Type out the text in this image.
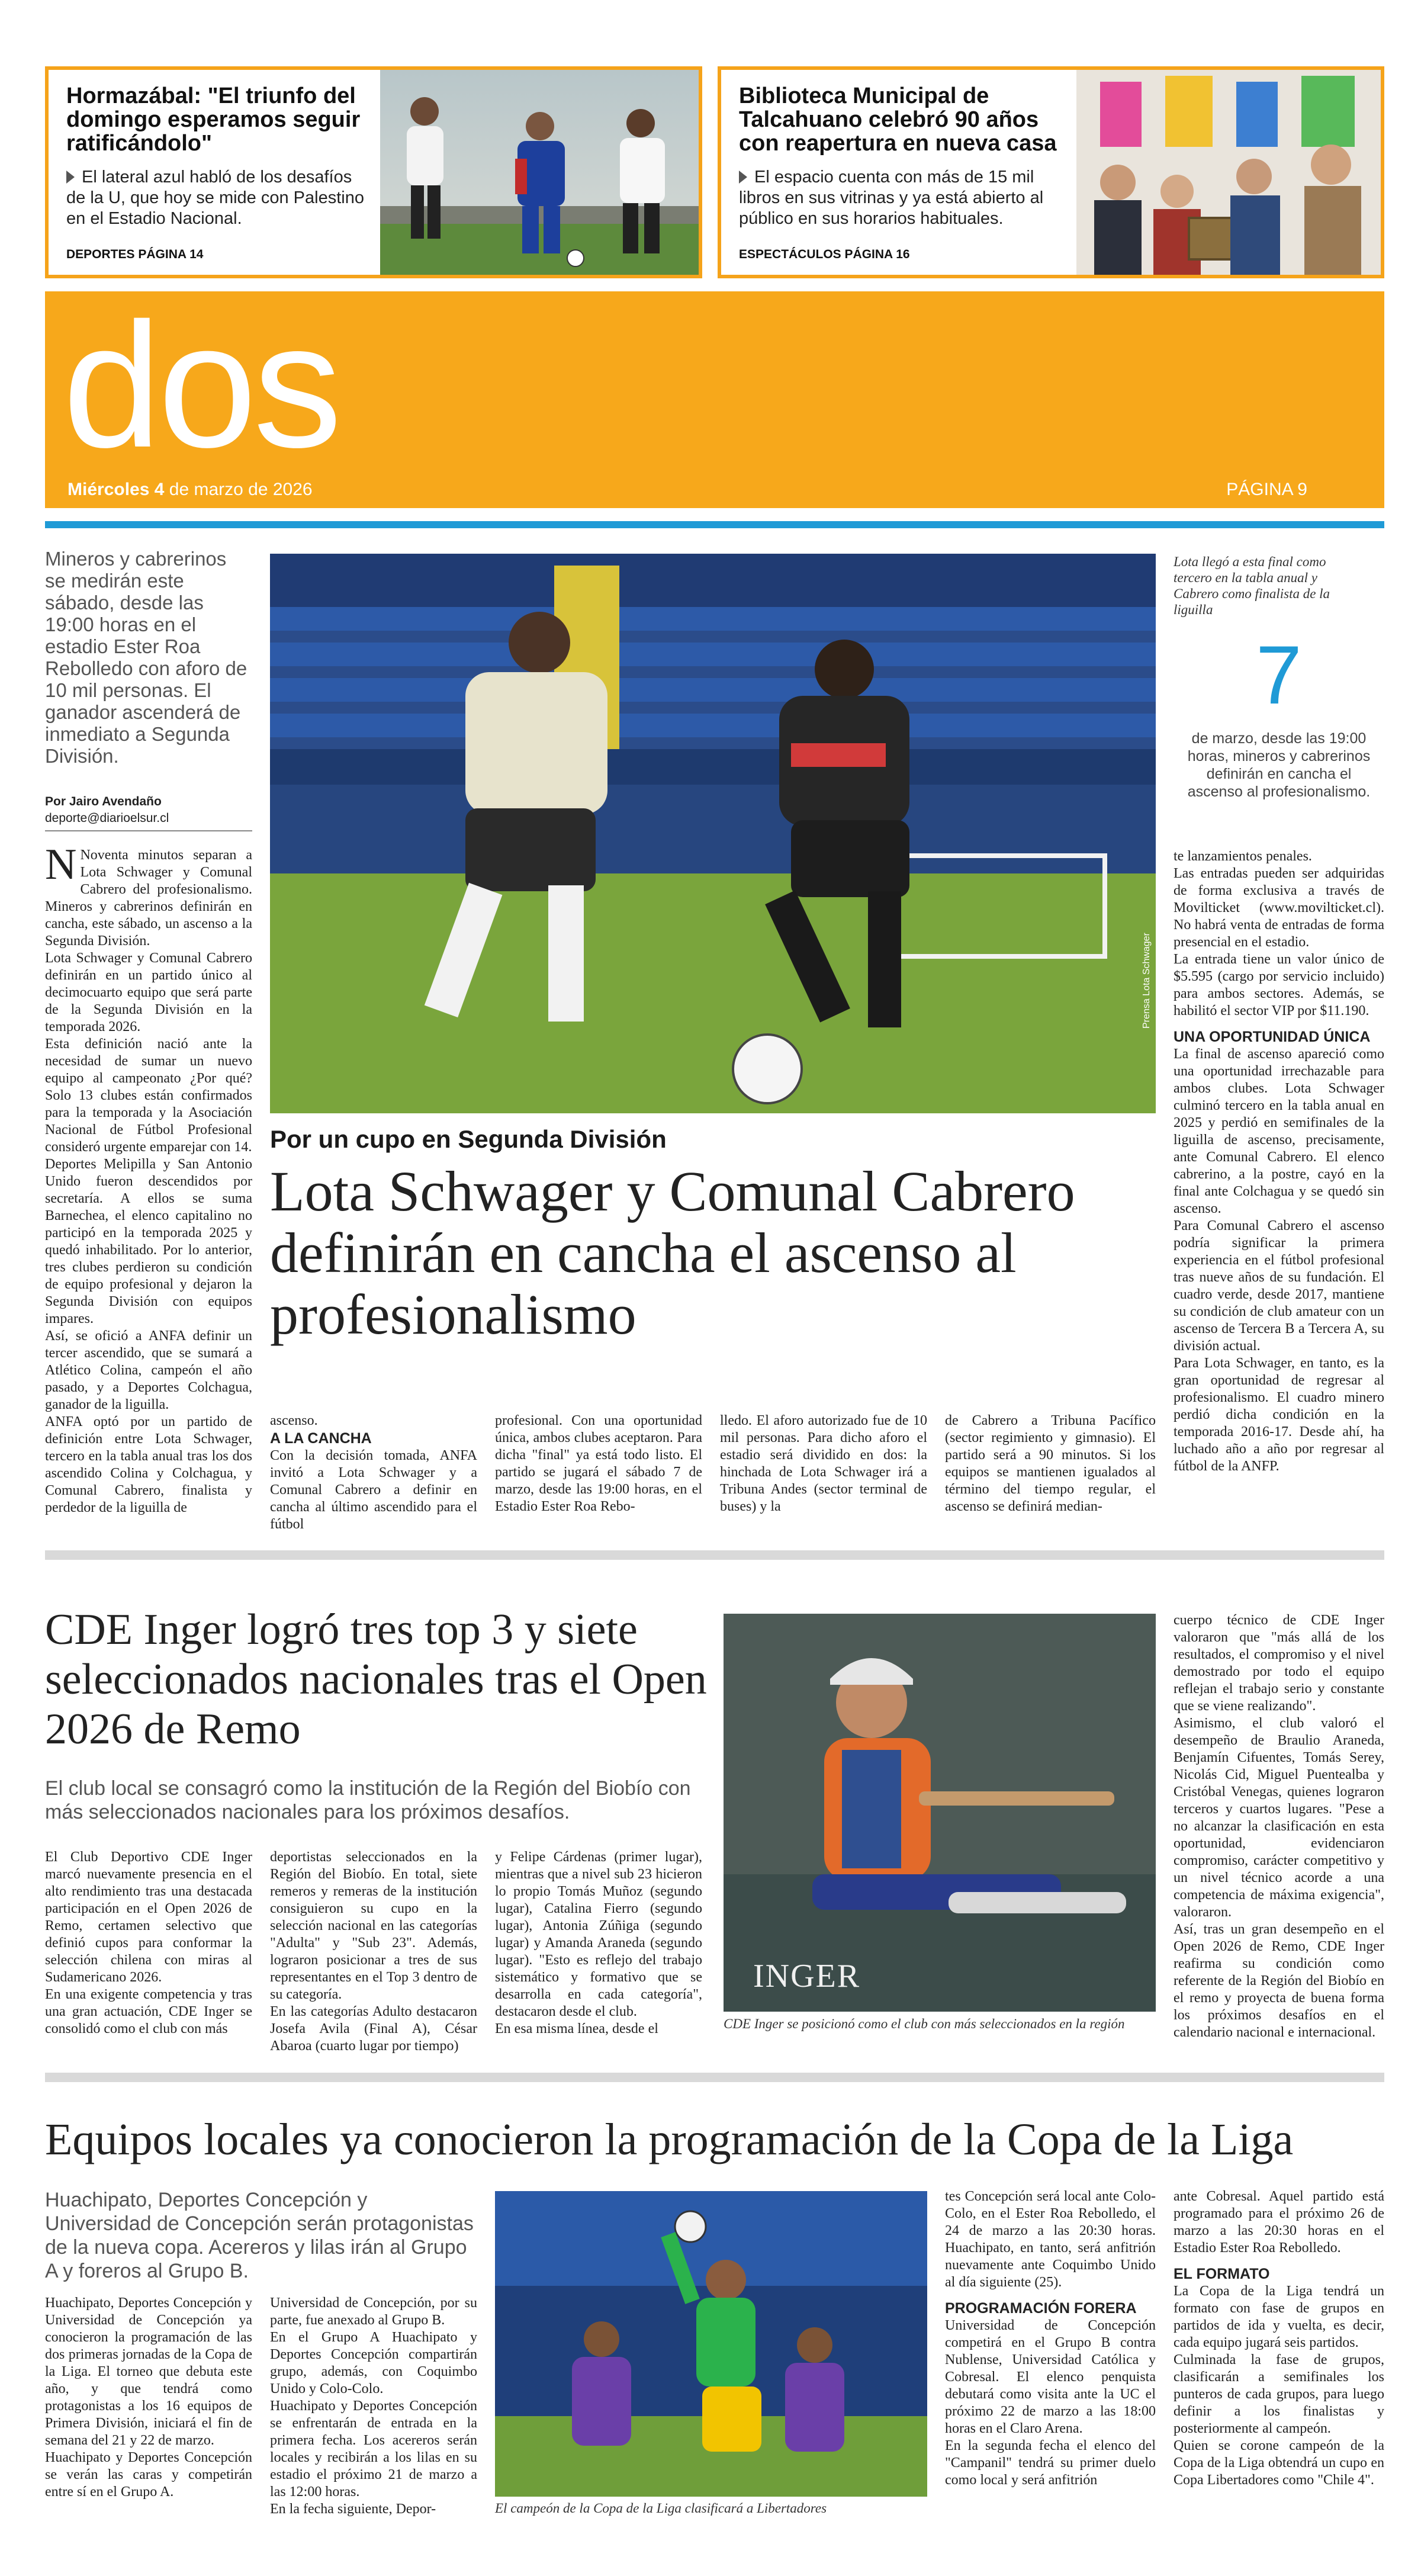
Hormazábal: "El triunfo del domingo esperamos seguir ratificándolo"

El lateral azul habló de los desafíos de la U, que hoy se mide con Palestino en el Estadio Nacional.

DEPORTES PÁGINA 14
Biblioteca Municipal de Talcahuano celebró 90 años con reapertura en nueva casa

El espacio cuenta con más de 15 mil libros en sus vitrinas y ya está abierto al público en sus horarios habituales.

ESPECTÁCULOS PÁGINA 16
dos
Miércoles 4 de marzo de 2026	PÁGINA 9
Mineros y cabrerinos se medirán este sábado, desde las 19:00 horas en el estadio Ester Roa Rebolledo con aforo de 10 mil personas. El ganador ascenderá de inmediato a Segunda División.
Por Jairo Avendaño
deporte@diarioelsur.cl

N Noventa minutos separan a Lota Schwager y Comunal Cabrero del profesionalismo. Mineros y cabrerinos definirán en cancha, este sábado, un ascenso a la Segunda División.

Lota Schwager y Comunal Cabrero definirán en un partido único al decimocuarto equipo que será parte de la Segunda División en la temporada 2026.

Esta definición nació ante la necesidad de sumar un nuevo equipo al campeonato ¿Por qué? Solo 13 clubes están confirmados para la temporada y la Asociación Nacional de Fútbol Profesional consideró urgente emparejar con 14.

Deportes Melipilla y San Antonio Unido fueron descendidos por secretaría. A ellos se suma Barnechea, el elenco capitalino no participó en la temporada 2025 y quedó inhabilitado. Por lo anterior, tres clubes perdieron su condición de equipo profesional y dejaron la Segunda División con equipos impares.

Así, se ofició a ANFA definir un tercer ascendido, que se sumará a Atlético Colina, campeón el año pasado, y a Deportes Colchagua, ganador de la liguilla.

ANFA optó por un partido de definición entre Lota Schwager, tercero en la tabla anual tras los dos ascendido Colina y Colchagua, y Comunal Cabrero, finalista y perdedor de la liguilla de

Prensa Lota Schwager
Lota llegó a esta final como tercero en la tabla anual y Cabrero como finalista de la liguilla
7
de marzo, desde las 19:00 horas, mineros y cabrerinos definirán en cancha el ascenso al profesionalismo.
Por un cupo en Segunda División
Lota Schwager y Comunal Cabrero definirán en cancha el ascenso al profesionalismo

ascenso.

A LA CANCHA

Con la decisión tomada, ANFA invitó a Lota Schwager y a Comunal Cabrero a definir en cancha al último ascendido para el fútbol

profesional. Con una oportunidad única, ambos clubes aceptaron. Para dicha "final" ya está todo listo. El partido se jugará el sábado 7 de marzo, desde las 19:00 horas, en el Estadio Ester Roa Rebo-
lledo. El aforo autorizado fue de 10 mil personas. Para dicho aforo el estadio será dividido en dos: la hinchada de Lota Schwager irá a Tribuna Andes (sector terminal de buses) y la
de Cabrero a Tribuna Pacífico (sector regimiento y gimnasio). El partido será a 90 minutos. Si los equipos se mantienen igualados al término del tiempo regular, el ascenso se definirá median-

te lanzamientos penales.

Las entradas pueden ser adquiridas de forma exclusiva a través de Movilticket (www.movilticket.cl). No habrá venta de entradas de forma presencial en el estadio.

La entrada tiene un valor único de $5.595 (cargo por servicio incluido) para ambos sectores. Además, se habilitó el sector VIP por $11.190.

UNA OPORTUNIDAD ÚNICA

La final de ascenso apareció como una oportunidad irrechazable para ambos clubes. Lota Schwager culminó tercero en la tabla anual en 2025 y perdió en semifinales de la liguilla de ascenso, precisamente, ante Comunal Cabrero. El elenco cabrerino, a la postre, cayó en la final ante Colchagua y se quedó sin ascenso.

Para Comunal Cabrero el ascenso podría significar la primera experiencia en el fútbol profesional tras nueve años de su fundación. El cuadro verde, desde 2017, mantiene su condición de club amateur con un ascenso de Tercera B a Tercera A, su división actual.

Para Lota Schwager, en tanto, es la gran oportunidad de regresar al profesionalismo. El cuadro minero perdió dicha condición en la temporada 2016-17. Desde ahí, ha luchado año a año por regresar al fútbol de la ANFP.

CDE Inger logró tres top 3 y siete seleccionados nacionales tras el Open 2026 de Remo
El club local se consagró como la institución de la Región del Biobío con más seleccionados nacionales para los próximos desafíos.

El Club Deportivo CDE Inger marcó nuevamente presencia en el alto rendimiento tras una destacada participación en el Open 2026 de Remo, certamen selectivo que definió cupos para conformar la selección chilena con miras al Sudamericano 2026.

En una exigente competencia y tras una gran actuación, CDE Inger se consolidó como el club con más

deportistas seleccionados en la Región del Biobío. En total, siete remeros y remeras de la institución consiguieron su cupo en la selección nacional en las categorías "Adulta" y "Sub 23". Además, lograron posicionar a tres de sus representantes en el Top 3 dentro de su categoría.

En las categorías Adulto destacaron Josefa Avila (Final A), César Abaroa (cuarto lugar por tiempo)

y Felipe Cárdenas (primer lugar), mientras que a nivel sub 23 hicieron lo propio Tomás Muñoz (segundo lugar), Catalina Fierro (segundo lugar), Antonia Zúñiga (segundo lugar) y Amanda Araneda (segundo lugar). "Esto es reflejo del trabajo sistemático y formativo que se desarrolla en cada categoría", destacaron desde el club.

En esa misma línea, desde el

INGER
CDE Inger se posicionó como el club con más seleccionados en la región

cuerpo técnico de CDE Inger valoraron que "más allá de los resultados, el compromiso y el nivel demostrado por todo el equipo reflejan el trabajo serio y constante que se viene realizando".

Asimismo, el club valoró el desempeño de Braulio Araneda, Benjamín Cifuentes, Tomás Serey, Nicolás Cid, Miguel Puentealba y Cristóbal Venegas, quienes lograron terceros y cuartos lugares. "Pese a no alcanzar la clasificación en esta oportunidad, evidenciaron compromiso, carácter competitivo y un nivel técnico acorde a una competencia de máxima exigencia", valoraron.

Así, tras un gran desempeño en el Open 2026 de Remo, CDE Inger reafirma su condición como referente de la Región del Biobío en el remo y proyecta de buena forma los próximos desafíos en el calendario nacional e internacional.

Equipos locales ya conocieron la programación de la Copa de la Liga
Huachipato, Deportes Concepción y Universidad de Concepción serán protagonistas de la nueva copa. Acereros y lilas irán al Grupo A y foreros al Grupo B.

Huachipato, Deportes Concepción y Universidad de Concepción ya conocieron la programación de las dos primeras jornadas de la Copa de la Liga. El torneo que debuta este año, y que tendrá como protagonistas a los 16 equipos de Primera División, iniciará el fin de semana del 21 y 22 de marzo.

Huachipato y Deportes Concepción se verán las caras y competirán entre sí en el Grupo A.

Universidad de Concepción, por su parte, fue anexado al Grupo B.

En el Grupo A Huachipato y Deportes Concepción compartirán grupo, además, con Coquimbo Unido y Colo-Colo.

Huachipato y Deportes Concepción se enfrentarán de entrada en la primera fecha. Los acereros serán locales y recibirán a los lilas en su estadio el próximo 21 de marzo a las 12:00 horas.

En la fecha siguiente, Depor-	El campeón de la Copa de la Liga clasificará a Libertadores

tes Concepción será local ante Colo-Colo, en el Ester Roa Rebolledo, el 24 de marzo a las 20:30 horas. Huachipato, en tanto, será anfitrión nuevamente ante Coquimbo Unido al día siguiente (25).

PROGRAMACIÓN FORERA

Universidad de Concepción competirá en el Grupo B contra Nublense, Universidad Católica y Cobresal. El elenco penquista debutará como visita ante la UC el próximo 22 de marzo a las 18:00 horas en el Claro Arena.

En la segunda fecha el elenco del "Campanil" tendrá su primer duelo como local y será anfitrión

ante Cobresal. Aquel partido está programado para el próximo 26 de marzo a las 20:30 horas en el Estadio Ester Roa Rebolledo.

EL FORMATO

La Copa de la Liga tendrá un formato con fase de grupos en partidos de ida y vuelta, es decir, cada equipo jugará seis partidos.

Culminada la fase de grupos, clasificarán a semifinales los punteros de cada grupos, para luego definir a los finalistas y posteriormente al campeón.

Quien se corone campeón de la Copa de la Liga obtendrá un cupo en Copa Libertadores como "Chile 4".
